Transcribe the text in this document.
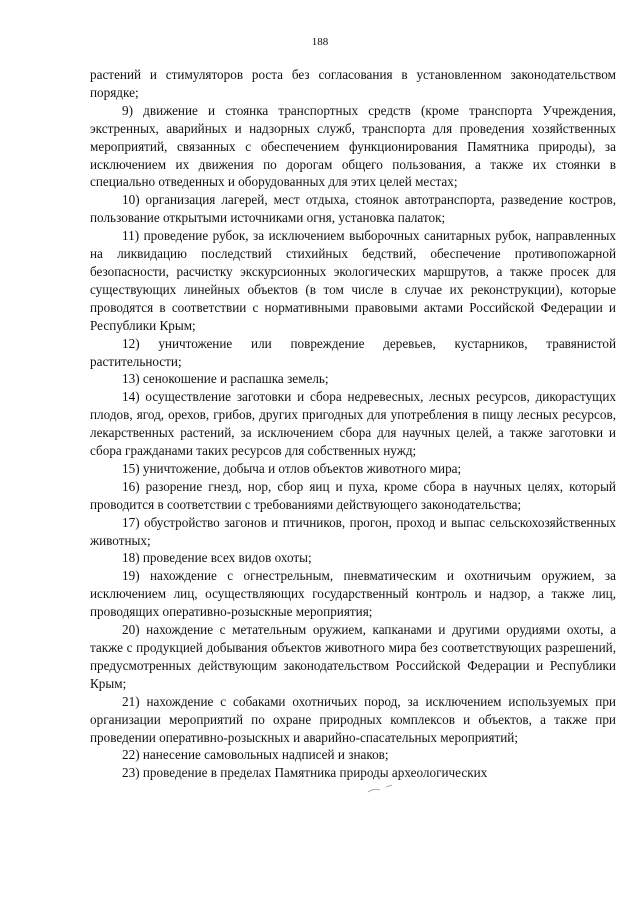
188

растений и стимуляторов роста без согласования в установленном законодательством порядке;

9) движение и стоянка транспортных средств (кроме транспорта Учреждения, экстренных, аварийных и надзорных служб, транспорта для проведения хозяйственных мероприятий, связанных с обеспечением функционирования Памятника природы), за исключением их движения по дорогам общего пользования, а также их стоянки в специально отведенных и оборудованных для этих целей местах;

10) организация лагерей, мест отдыха, стоянок автотранспорта, разведение костров, пользование открытыми источниками огня, установка палаток;

11) проведение рубок, за исключением выборочных санитарных рубок, направленных на ликвидацию последствий стихийных бедствий, обеспечение противопожарной безопасности, расчистку экскурсионных экологических маршрутов, а также просек для существующих линейных объектов (в том числе в случае их реконструкции), которые проводятся в соответствии с нормативными правовыми актами Российской Федерации и Республики Крым;

12) уничтожение или повреждение деревьев, кустарников, травянистой растительности;

13) сенокошение и распашка земель;

14) осуществление заготовки и сбора недревесных, лесных ресурсов, дикорастущих плодов, ягод, орехов, грибов, других пригодных для употребления в пищу лесных ресурсов, лекарственных растений, за исключением сбора для научных целей, а также заготовки и сбора гражданами таких ресурсов для собственных нужд;

15) уничтожение, добыча и отлов объектов животного мира;

16) разорение гнезд, нор, сбор яиц и пуха, кроме сбора в научных целях, который проводится в соответствии с требованиями действующего законодательства;

17) обустройство загонов и птичников, прогон, проход и выпас сельскохозяйственных животных;

18) проведение всех видов охоты;

19) нахождение с огнестрельным, пневматическим и охотничьим оружием, за исключением лиц, осуществляющих государственный контроль и надзор, а также лиц, проводящих оперативно-розыскные мероприятия;

20) нахождение с метательным оружием, капканами и другими орудиями охоты, а также с продукцией добывания объектов животного мира без соответствующих разрешений, предусмотренных действующим законодательством Российской Федерации и Республики Крым;

21) нахождение с собаками охотничьих пород, за исключением используемых при организации мероприятий по охране природных комплексов и объектов, а также при проведении оперативно-розыскных и аварийно-спасательных мероприятий;

22) нанесение самовольных надписей и знаков;

23) проведение в пределах Памятника природы археологических
